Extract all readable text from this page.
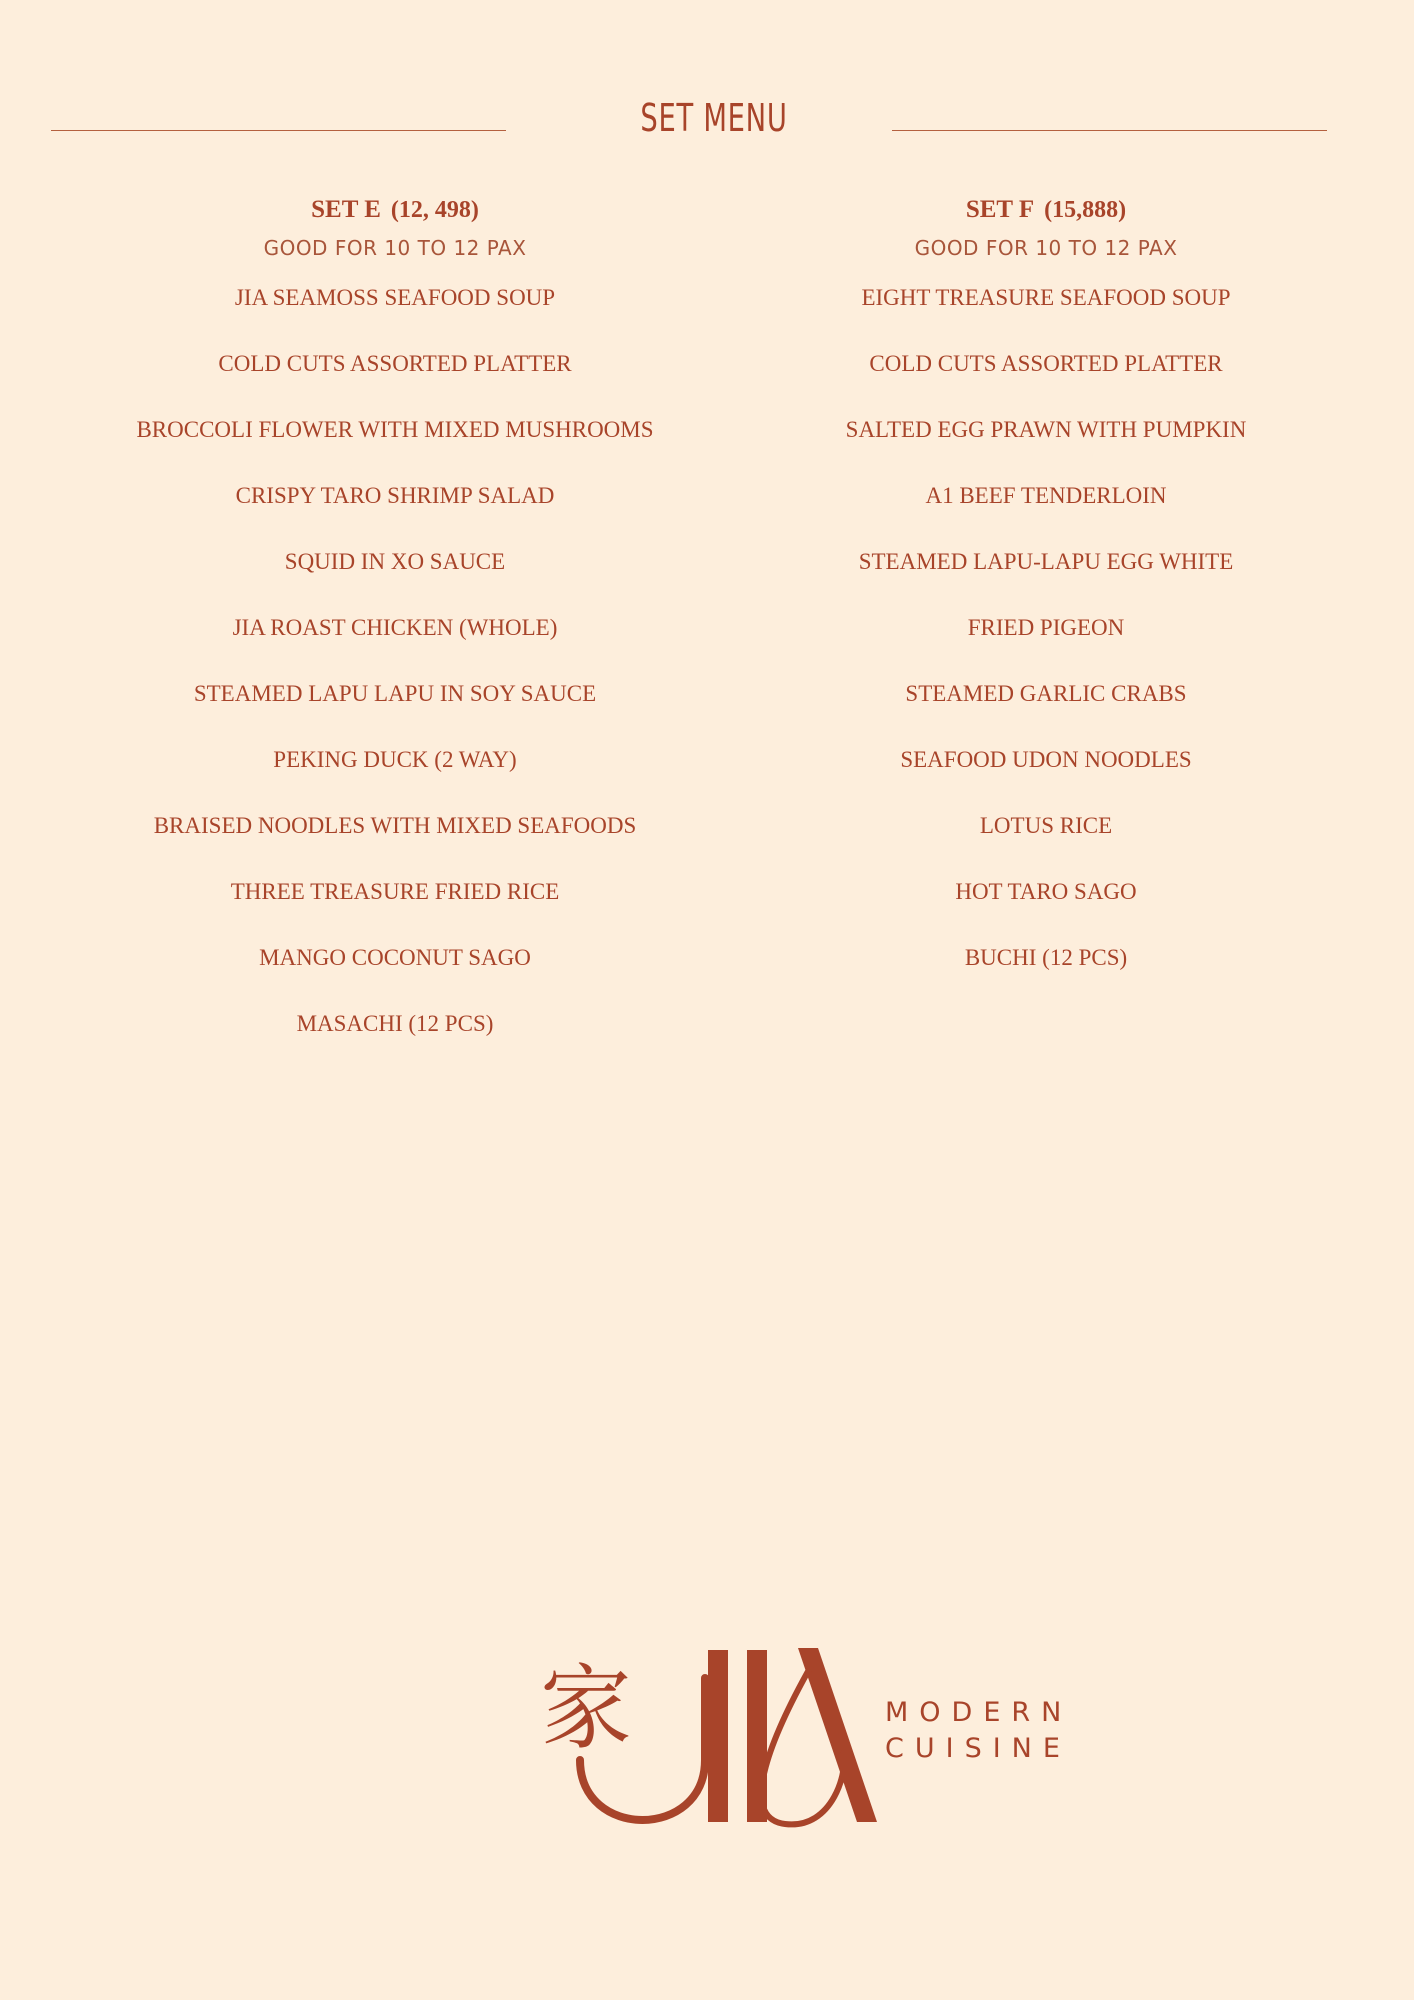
SET MENU
SET E (12, 498)
GOOD FOR 10 TO 12 PAX
JIA SEAMOSS SEAFOOD SOUP
COLD CUTS ASSORTED PLATTER
BROCCOLI FLOWER WITH MIXED MUSHROOMS
CRISPY TARO SHRIMP SALAD
SQUID IN XO SAUCE
JIA ROAST CHICKEN (WHOLE)
STEAMED LAPU LAPU IN SOY SAUCE
PEKING DUCK (2 WAY)
BRAISED NOODLES WITH MIXED SEAFOODS
THREE TREASURE FRIED RICE
MANGO COCONUT SAGO
MASACHI (12 PCS)
SET F (15,888)
GOOD FOR 10 TO 12 PAX
EIGHT TREASURE SEAFOOD SOUP
COLD CUTS ASSORTED PLATTER
SALTED EGG PRAWN WITH PUMPKIN
A1 BEEF TENDERLOIN
STEAMED LAPU-LAPU EGG WHITE
FRIED PIGEON
STEAMED GARLIC CRABS
SEAFOOD UDON NOODLES
LOTUS RICE
HOT TARO SAGO
BUCHI (12 PCS)
家	MODERN
CUISINE
